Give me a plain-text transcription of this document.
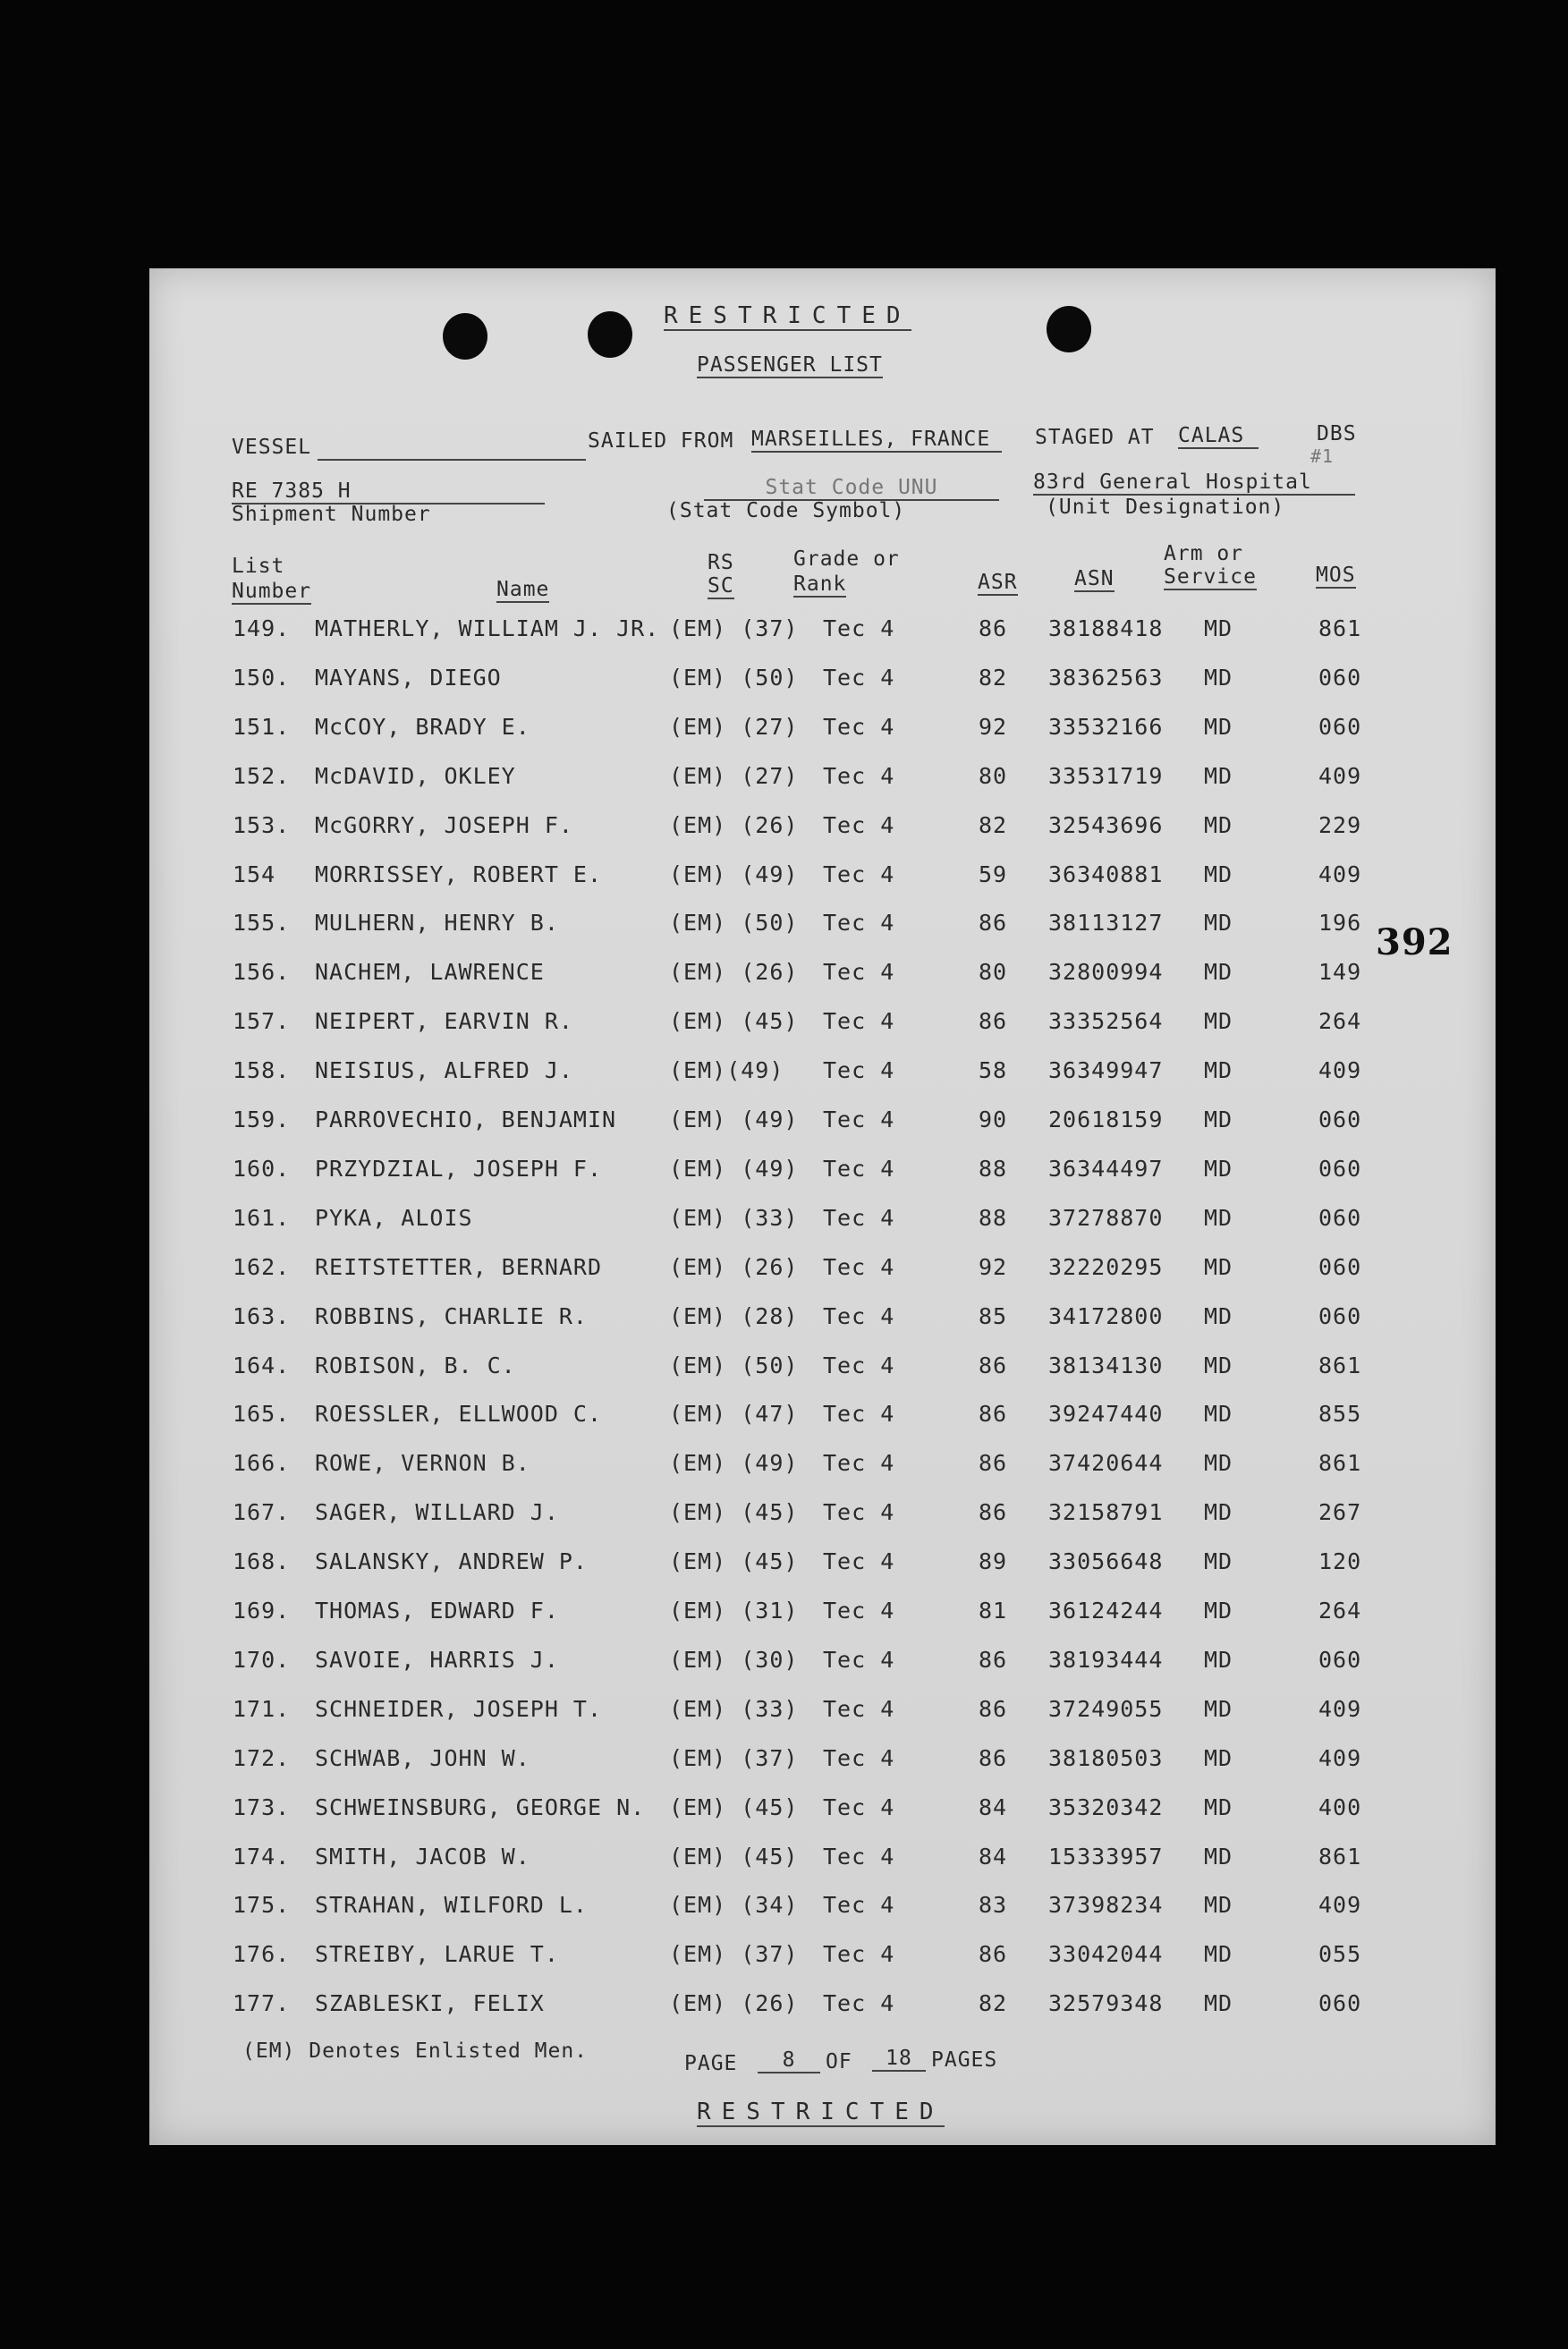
RESTRICTED
PASSENGER LIST
VESSEL	SAILED FROM MARSEILLES, FRANCE	STAGED AT CALAS	DBS
#1
RE 7385 H
Shipment Number
Stat Code UNU
(Stat Code Symbol)
83rd General Hospital
(Unit Designation)
List
Number	Name
RS
SC
Grade or
Rank	ASR	ASN
Arm or
Service	MOS
(EM) Denotes Enlisted Men.
PAGE	8	OF	18 PAGES
RESTRICTED
149. MATHERLY, WILLIAM J. JR. (EM) (37) Tec 4	86 38188418 MD	861
150. MAYANS, DIEGO	(EM) (50) Tec 4	82 38362563 MD	060
151. McCOY, BRADY E.	(EM) (27) Tec 4	92 33532166 MD	060
152. McDAVID, OKLEY	(EM) (27) Tec 4	80 33531719 MD	409
153. McGORRY, JOSEPH F.	(EM) (26) Tec 4	82 32543696 MD	229
154 MORRISSEY, ROBERT E.	(EM) (49) Tec 4	59 36340881 MD	409
155. MULHERN, HENRY B.	(EM) (50) Tec 4	86 38113127 MD	196
156. NACHEM, LAWRENCE	(EM) (26) Tec 4	80 32800994 MD	149
157. NEIPERT, EARVIN R.	(EM) (45) Tec 4	86 33352564 MD	264
158. NEISIUS, ALFRED J.	(EM)(49) Tec 4	58 36349947 MD	409
159. PARROVECHIO, BENJAMIN (EM) (49) Tec 4	90 20618159 MD	060
160. PRZYDZIAL, JOSEPH F.	(EM) (49) Tec 4	88 36344497 MD	060
161. PYKA, ALOIS	(EM) (33) Tec 4	88 37278870 MD	060
162. REITSTETTER, BERNARD	(EM) (26) Tec 4	92 32220295 MD	060
163. ROBBINS, CHARLIE R.	(EM) (28) Tec 4	85 34172800 MD	060
164. ROBISON, B. C.	(EM) (50) Tec 4	86 38134130 MD	861
165. ROESSLER, ELLWOOD C.	(EM) (47) Tec 4	86 39247440 MD	855
166. ROWE, VERNON B.	(EM) (49) Tec 4	86 37420644 MD	861
167. SAGER, WILLARD J.	(EM) (45) Tec 4	86 32158791 MD	267
168. SALANSKY, ANDREW P.	(EM) (45) Tec 4	89 33056648 MD	120
169. THOMAS, EDWARD F.	(EM) (31) Tec 4	81 36124244 MD	264
170. SAVOIE, HARRIS J.	(EM) (30) Tec 4	86 38193444 MD	060
171. SCHNEIDER, JOSEPH T.	(EM) (33) Tec 4	86 37249055 MD	409
172. SCHWAB, JOHN W.	(EM) (37) Tec 4	86 38180503 MD	409
173. SCHWEINSBURG, GEORGE N. (EM) (45) Tec 4	84 35320342 MD	400
174. SMITH, JACOB W.	(EM) (45) Tec 4	84 15333957 MD	861
175. STRAHAN, WILFORD L.	(EM) (34) Tec 4	83 37398234 MD	409
176. STREIBY, LARUE T.	(EM) (37) Tec 4	86 33042044 MD	055
177. SZABLESKI, FELIX	(EM) (26) Tec 4	82 32579348 MD	060
392
